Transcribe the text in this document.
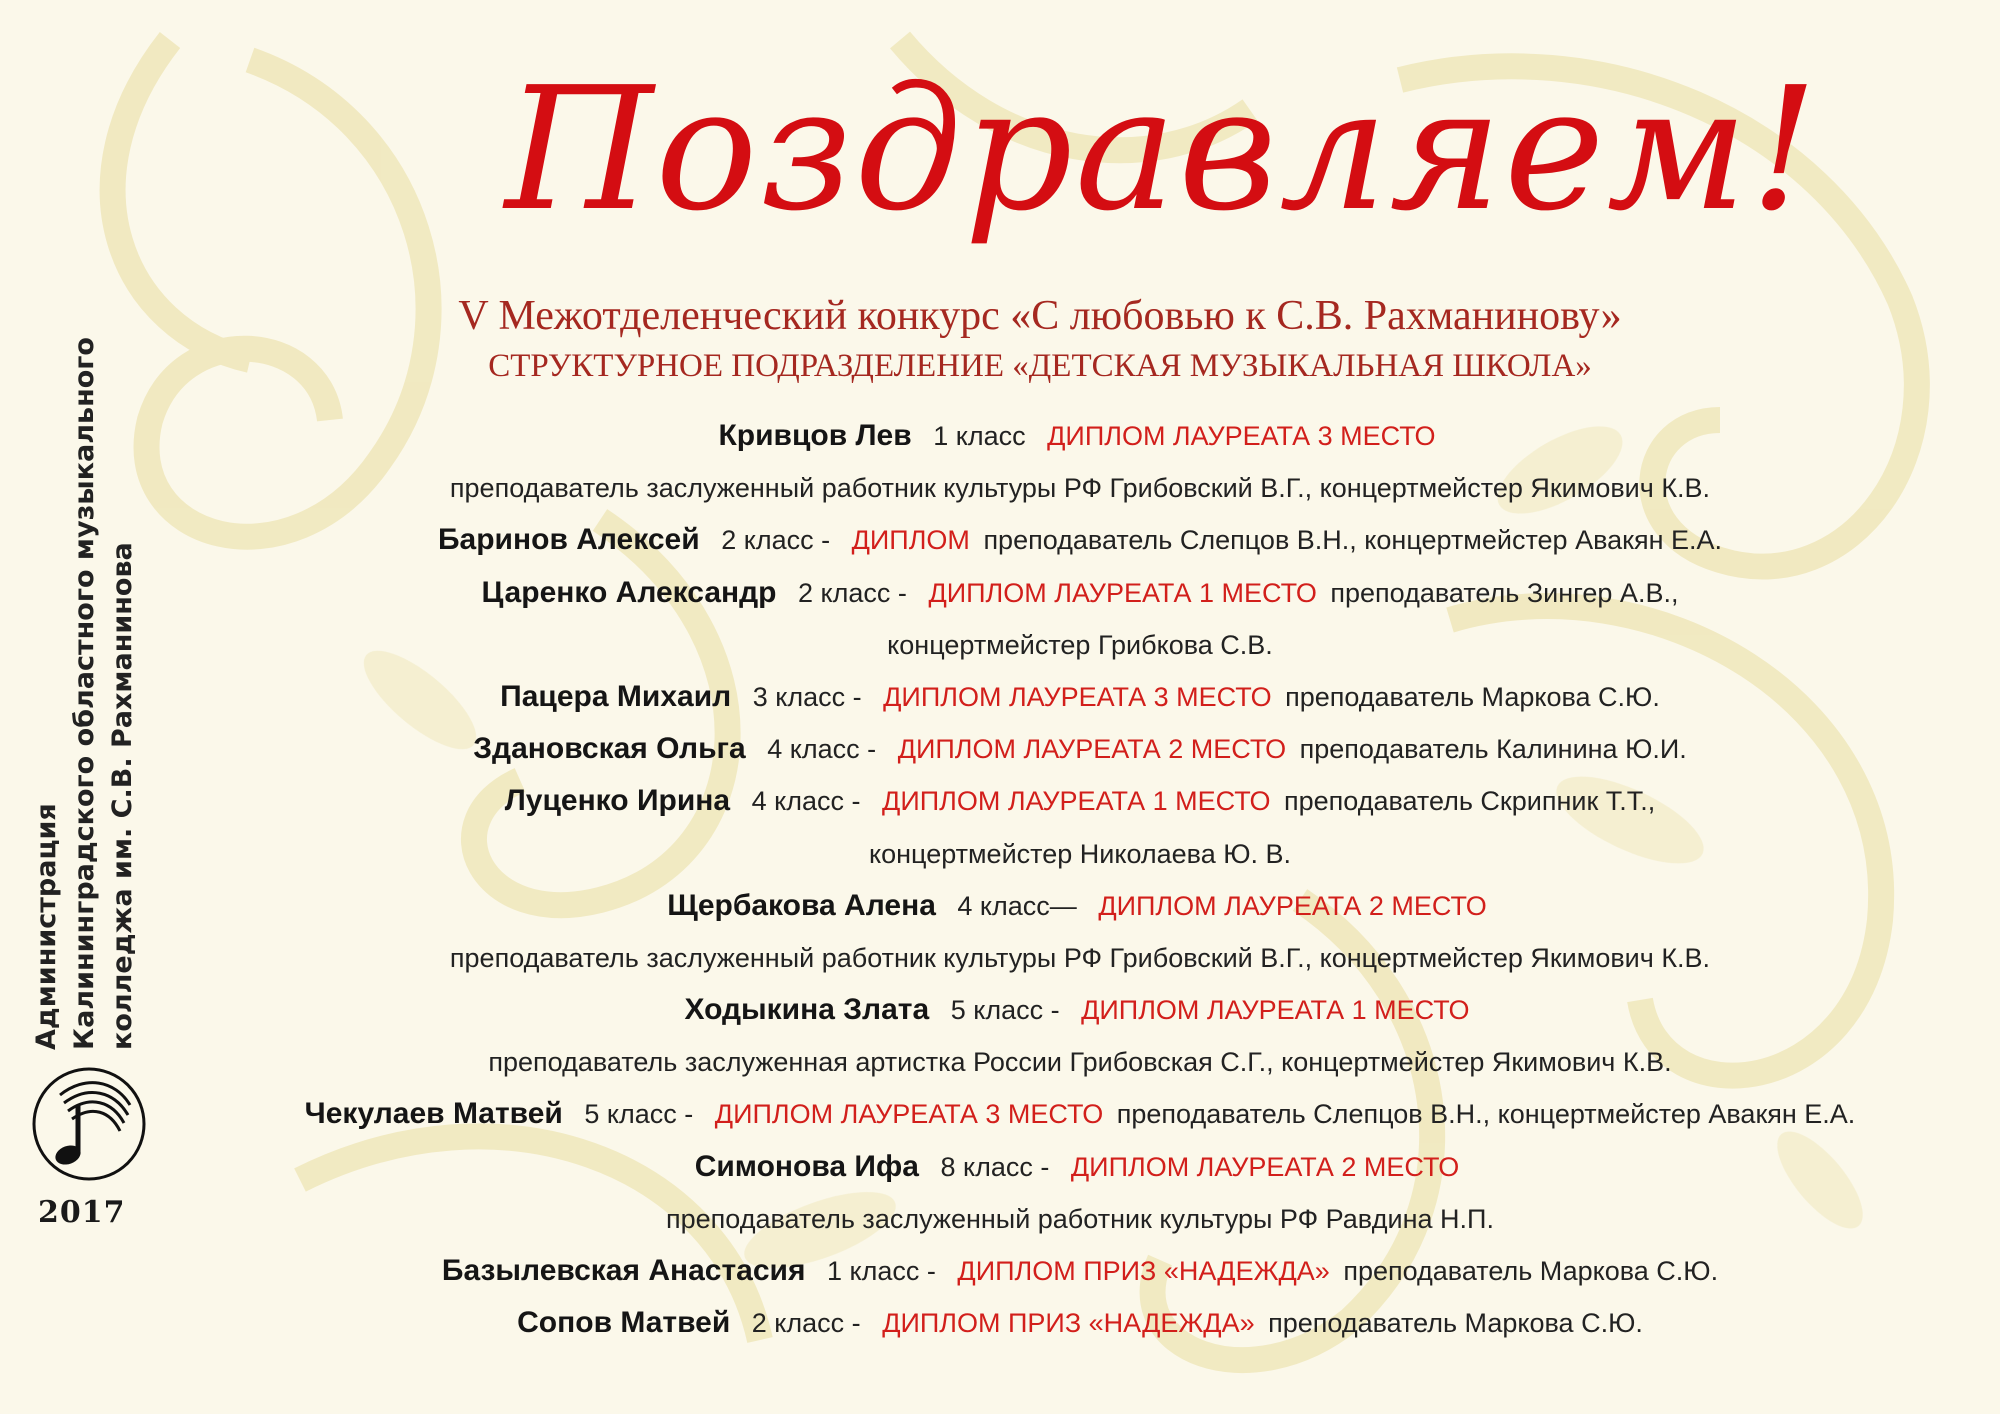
Администрация Калининградского областного музыкального колледжа им. С.В. Рахманинова
2017
Поздравляем!
V Межотделенческий конкурс «С любовью к С.В. Рахманинову»
СТРУКТУРНОЕ ПОДРАЗДЕЛЕНИЕ «ДЕТСКАЯ МУЗЫКАЛЬНАЯ ШКОЛА»
Кривцов Лев 1 класс ДИПЛОМ ЛАУРЕАТА 3 МЕСТО
преподаватель заслуженный работник культуры РФ Грибовский В.Г., концертмейстер Якимович К.В.
Баринов Алексей 2 класс - ДИПЛОМ преподаватель Слепцов В.Н., концертмейстер Авакян Е.А.
Царенко Александр 2 класс - ДИПЛОМ ЛАУРЕАТА 1 МЕСТО преподаватель Зингер А.В.,
концертмейстер Грибкова С.В.
Пацера Михаил 3 класс - ДИПЛОМ ЛАУРЕАТА 3 МЕСТО преподаватель Маркова С.Ю.
Здановская Ольга 4 класс - ДИПЛОМ ЛАУРЕАТА 2 МЕСТО преподаватель Калинина Ю.И.
Луценко Ирина 4 класс - ДИПЛОМ ЛАУРЕАТА 1 МЕСТО преподаватель Скрипник Т.Т.,
концертмейстер Николаева Ю. В.
Щербакова Алена 4 класс— ДИПЛОМ ЛАУРЕАТА 2 МЕСТО
преподаватель заслуженный работник культуры РФ Грибовский В.Г., концертмейстер Якимович К.В.
Ходыкина Злата 5 класс - ДИПЛОМ ЛАУРЕАТА 1 МЕСТО
преподаватель заслуженная артистка России Грибовская С.Г., концертмейстер Якимович К.В.
Чекулаев Матвей 5 класс - ДИПЛОМ ЛАУРЕАТА 3 МЕСТО преподаватель Слепцов В.Н., концертмейстер Авакян Е.А.
Симонова Ифа 8 класс - ДИПЛОМ ЛАУРЕАТА 2 МЕСТО
преподаватель заслуженный работник культуры РФ Равдина Н.П.
Базылевская Анастасия 1 класс - ДИПЛОМ ПРИЗ «НАДЕЖДА» преподаватель Маркова С.Ю.
Сопов Матвей 2 класс - ДИПЛОМ ПРИЗ «НАДЕЖДА» преподаватель Маркова С.Ю.
